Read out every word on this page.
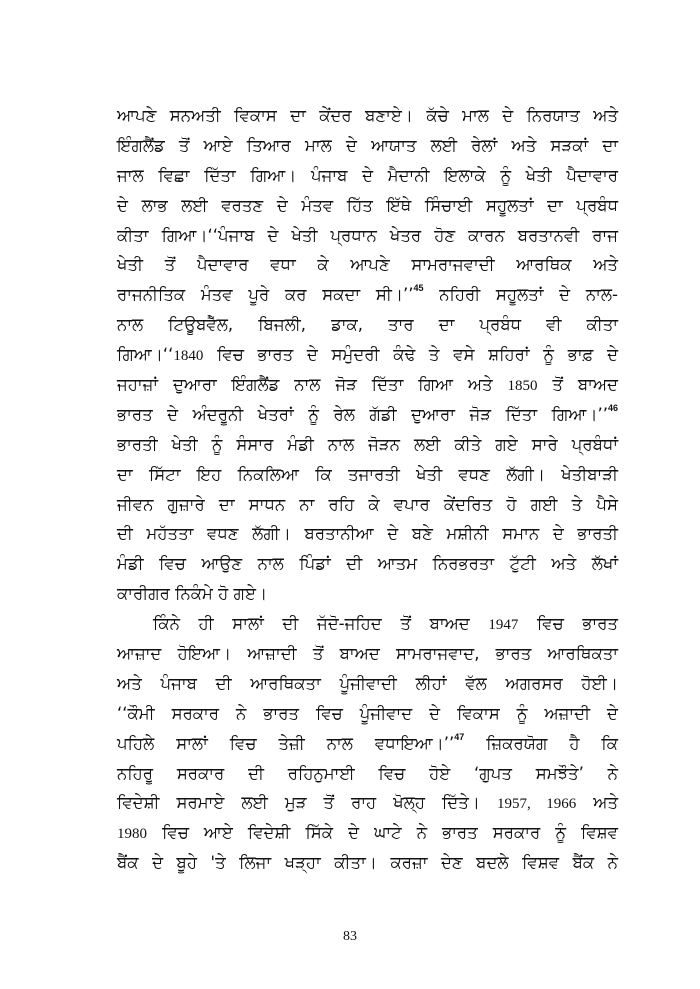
ਆਪਣੇ ਸਨਅਤੀ ਵਿਕਾਸ ਦਾ ਕੇਂਦਰ ਬਣਾਏ। ਕੱਚੇ ਮਾਲ ਦੇ ਨਿਰਯਾਤ ਅਤੇ
ਇੰਗਲੈਂਡ ਤੋਂ ਆਏ ਤਿਆਰ ਮਾਲ ਦੇ ਆਯਾਤ ਲਈ ਰੇਲਾਂ ਅਤੇ ਸੜਕਾਂ ਦਾ
ਜਾਲ ਵਿਛਾ ਦਿੱਤਾ ਗਿਆ। ਪੰਜਾਬ ਦੇ ਮੈਦਾਨੀ ਇਲਾਕੇ ਨੂੰ ਖੇਤੀ ਪੈਦਾਵਾਰ
ਦੇ ਲਾਭ ਲਈ ਵਰਤਣ ਦੇ ਮੰਤਵ ਹਿੱਤ ਇੱਥੇ ਸਿੰਚਾਈ ਸਹੂਲਤਾਂ ਦਾ ਪ੍ਰਬੰਧ
ਕੀਤਾ ਗਿਆ।‘‘ਪੰਜਾਬ ਦੇ ਖੇਤੀ ਪ੍ਰਧਾਨ ਖੇਤਰ ਹੋਣ ਕਾਰਨ ਬਰਤਾਨਵੀ ਰਾਜ
ਖੇਤੀ ਤੋਂ ਪੈਦਾਵਾਰ ਵਧਾ ਕੇ ਆਪਣੇ ਸਾਮਰਾਜਵਾਦੀ ਆਰਥਿਕ ਅਤੇ
ਰਾਜਨੀਤਿਕ ਮੰਤਵ ਪੂਰੇ ਕਰ ਸਕਦਾ ਸੀ।’’$^{45}$ ਨਹਿਰੀ ਸਹੂਲਤਾਂ ਦੇ ਨਾਲ-
ਨਾਲ ਟਿਊਬਵੈੱਲ, ਬਿਜਲੀ, ਡਾਕ, ਤਾਰ ਦਾ ਪ੍ਰਬੰਧ ਵੀ ਕੀਤਾ
ਗਿਆ।‘‘1840 ਵਿਚ ਭਾਰਤ ਦੇ ਸਮੁੰਦਰੀ ਕੰਢੇ ਤੇ ਵਸੇ ਸ਼ਹਿਰਾਂ ਨੂੰ ਭਾਫ਼ ਦੇ
ਜਹਾਜ਼ਾਂ ਦੁਆਰਾ ਇੰਗਲੈਂਡ ਨਾਲ ਜੋੜ ਦਿੱਤਾ ਗਿਆ ਅਤੇ 1850 ਤੋਂ ਬਾਅਦ
ਭਾਰਤ ਦੇ ਅੰਦਰੂਨੀ ਖੇਤਰਾਂ ਨੂੰ ਰੇਲ ਗੱਡੀ ਦੁਆਰਾ ਜੋੜ ਦਿੱਤਾ ਗਿਆ।’’$^{46}$
ਭਾਰਤੀ ਖੇਤੀ ਨੂੰ ਸੰਸਾਰ ਮੰਡੀ ਨਾਲ ਜੋੜਨ ਲਈ ਕੀਤੇ ਗਏ ਸਾਰੇ ਪ੍ਰਬੰਧਾਂ
ਦਾ ਸਿੱਟਾ ਇਹ ਨਿਕਲਿਆ ਕਿ ਤਜਾਰਤੀ ਖੇਤੀ ਵਧਣ ਲੱਗੀ। ਖੇਤੀਬਾੜੀ
ਜੀਵਨ ਗੁਜ਼ਾਰੇ ਦਾ ਸਾਧਨ ਨਾ ਰਹਿ ਕੇ ਵਪਾਰ ਕੇਂਦਰਿਤ ਹੋ ਗਈ ਤੇ ਪੈਸੇ
ਦੀ ਮਹੱਤਤਾ ਵਧਣ ਲੱਗੀ। ਬਰਤਾਨੀਆ ਦੇ ਬਣੇ ਮਸ਼ੀਨੀ ਸਮਾਨ ਦੇ ਭਾਰਤੀ
ਮੰਡੀ ਵਿਚ ਆਉਣ ਨਾਲ ਪਿੰਡਾਂ ਦੀ ਆਤਮ ਨਿਰਭਰਤਾ ਟੁੱਟੀ ਅਤੇ ਲੱਖਾਂ
ਕਾਰੀਗਰ ਨਿਕੰਮੇ ਹੋ ਗਏ।
ਕਿੰਨੇ ਹੀ ਸਾਲਾਂ ਦੀ ਜੱਦੋ-ਜਹਿਦ ਤੋਂ ਬਾਅਦ 1947 ਵਿਚ ਭਾਰਤ
ਆਜ਼ਾਦ ਹੋਇਆ। ਆਜ਼ਾਦੀ ਤੋਂ ਬਾਅਦ ਸਾਮਰਾਜਵਾਦ, ਭਾਰਤ ਆਰਥਿਕਤਾ
ਅਤੇ ਪੰਜਾਬ ਦੀ ਆਰਥਿਕਤਾ ਪੂੰਜੀਵਾਦੀ ਲੀਹਾਂ ਵੱਲ ਅਗਰਸਰ ਹੋਈ।
‘‘ਕੌਮੀ ਸਰਕਾਰ ਨੇ ਭਾਰਤ ਵਿਚ ਪੂੰਜੀਵਾਦ ਦੇ ਵਿਕਾਸ ਨੂੰ ਅਜ਼ਾਦੀ ਦੇ
ਪਹਿਲੇ ਸਾਲਾਂ ਵਿਚ ਤੇਜ਼ੀ ਨਾਲ ਵਧਾਇਆ।’’$^{47}$ ਜ਼ਿਕਰਯੋਗ ਹੈ ਕਿ
ਨਹਿਰੂ ਸਰਕਾਰ ਦੀ ਰਹਿਨੁਮਾਈ ਵਿਚ ਹੋਏ ‘ਗੁਪਤ ਸਮਝੌਤੇ’ ਨੇ
ਵਿਦੇਸ਼ੀ ਸਰਮਾਏ ਲਈ ਮੁੜ ਤੋਂ ਰਾਹ ਖੋਲ੍ਹ ਦਿੱਤੇ। 1957, 1966 ਅਤੇ
1980 ਵਿਚ ਆਏ ਵਿਦੇਸ਼ੀ ਸਿੱਕੇ ਦੇ ਘਾਟੇ ਨੇ ਭਾਰਤ ਸਰਕਾਰ ਨੂੰ ਵਿਸ਼ਵ
ਬੈਂਕ ਦੇ ਬੂਹੇ 'ਤੇ ਲਿਜਾ ਖੜ੍ਹਾ ਕੀਤਾ। ਕਰਜ਼ਾ ਦੇਣ ਬਦਲੇ ਵਿਸ਼ਵ ਬੈਂਕ ਨੇ
83
